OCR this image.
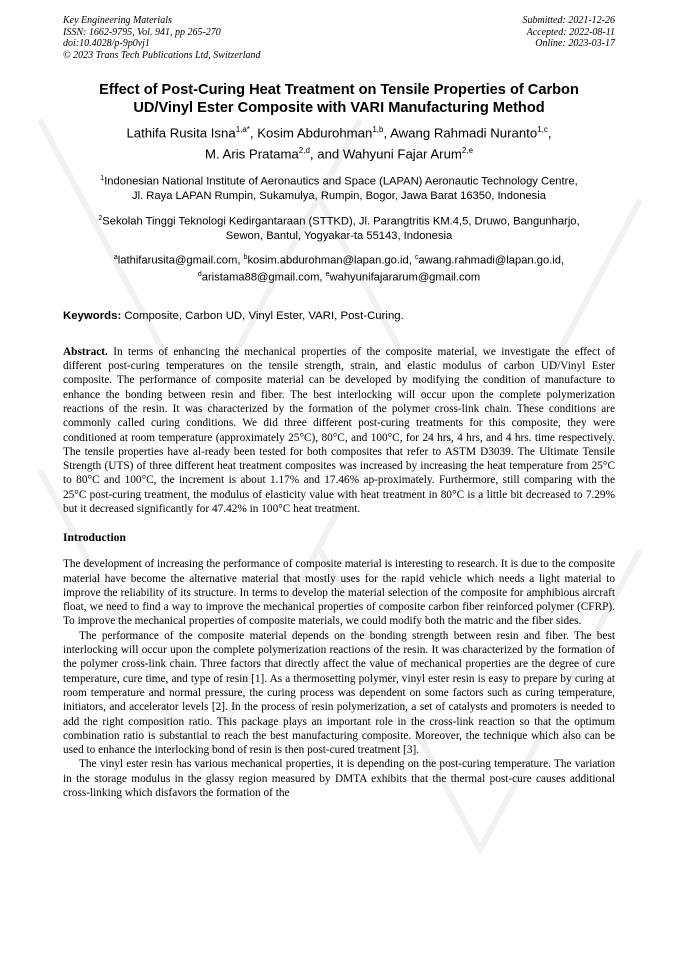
Key Engineering Materials
ISSN: 1662-9795, Vol. 941, pp 265-270
doi:10.4028/p-9p0vj1
© 2023 Trans Tech Publications Ltd, Switzerland
Submitted: 2021-12-26
Accepted: 2022-08-11
Online: 2023-03-17
Effect of Post-Curing Heat Treatment on Tensile Properties of Carbon
UD/Vinyl Ester Composite with VARI Manufacturing Method
Lathifa Rusita Isna$^{1,a*}$, Kosim Abdurohman$^{1,b}$, Awang Rahmadi Nuranto$^{1,c}$,
M. Aris Pratama$^{2,d}$, and Wahyuni Fajar Arum$^{2,e}$
$^1$Indonesian National Institute of Aeronautics and Space (LAPAN) Aeronautic Technology Centre,
Jl. Raya LAPAN Rumpin, Sukamulya, Rumpin, Bogor, Jawa Barat 16350, Indonesia
$^2$Sekolah Tinggi Teknologi Kedirgantaraan (STTKD), Jl. Parangtritis KM.4,5, Druwo, Bangunharjo,
Sewon, Bantul, Yogyakar-ta 55143, Indonesia
$^a$lathifarusita@gmail.com, $^b$kosim.abdurohman@lapan.go.id, $^c$awang.rahmadi@lapan.go.id,
$^d$aristama88@gmail.com, $^e$wahyunifajararum@gmail.com
Keywords: Composite, Carbon UD, Vinyl Ester, VARI, Post-Curing.
Abstract. In terms of enhancing the mechanical properties of the composite material, we investigate the effect of different post-curing temperatures on the tensile strength, strain, and elastic modulus of carbon UD/Vinyl Ester composite. The performance of composite material can be developed by modifying the condition of manufacture to enhance the bonding between resin and fiber. The best interlocking will occur upon the complete polymerization reactions of the resin. It was characterized by the formation of the polymer cross-link chain. These conditions are commonly called curing conditions. We did three different post-curing treatments for this composite, they were conditioned at room temperature (approximately 25°C), 80°C, and 100°C, for 24 hrs, 4 hrs, and 4 hrs. time respectively. The tensile properties have al-ready been tested for both composites that refer to ASTM D3039. The Ultimate Tensile Strength (UTS) of three different heat treatment composites was increased by increasing the heat temperature from 25°C to 80°C and 100°C, the increment is about 1.17% and 17.46% ap-proximately. Furthermore, still comparing with the 25°C post-curing treatment, the modulus of elasticity value with heat treatment in 80°C is a little bit decreased to 7.29% but it decreased significantly for 47.42% in 100°C heat treatment.
Introduction

The development of increasing the performance of composite material is interesting to research. It is due to the composite material have become the alternative material that mostly uses for the rapid vehicle which needs a light material to improve the reliability of its structure. In terms to develop the material selection of the composite for amphibious aircraft float, we need to find a way to improve the mechanical properties of composite carbon fiber reinforced polymer (CFRP). To improve the mechanical properties of composite materials, we could modify both the matric and the fiber sides.

The performance of the composite material depends on the bonding strength between resin and fiber. The best interlocking will occur upon the complete polymerization reactions of the resin. It was characterized by the formation of the polymer cross-link chain. Three factors that directly affect the value of mechanical properties are the degree of cure temperature, cure time, and type of resin [1]. As a thermosetting polymer, vinyl ester resin is easy to prepare by curing at room temperature and normal pressure, the curing process was dependent on some factors such as curing temperature, initiators, and accelerator levels [2]. In the process of resin polymerization, a set of catalysts and promoters is needed to add the right composition ratio. This package plays an important role in the cross-link reaction so that the optimum combination ratio is substantial to reach the best manufacturing composite. Moreover, the technique which also can be used to enhance the interlocking bond of resin is then post-cured treatment [3].

The vinyl ester resin has various mechanical properties, it is depending on the post-curing temperature. The variation in the storage modulus in the glassy region measured by DMTA exhibits that the thermal post-cure causes additional cross-linking which disfavors the formation of the
